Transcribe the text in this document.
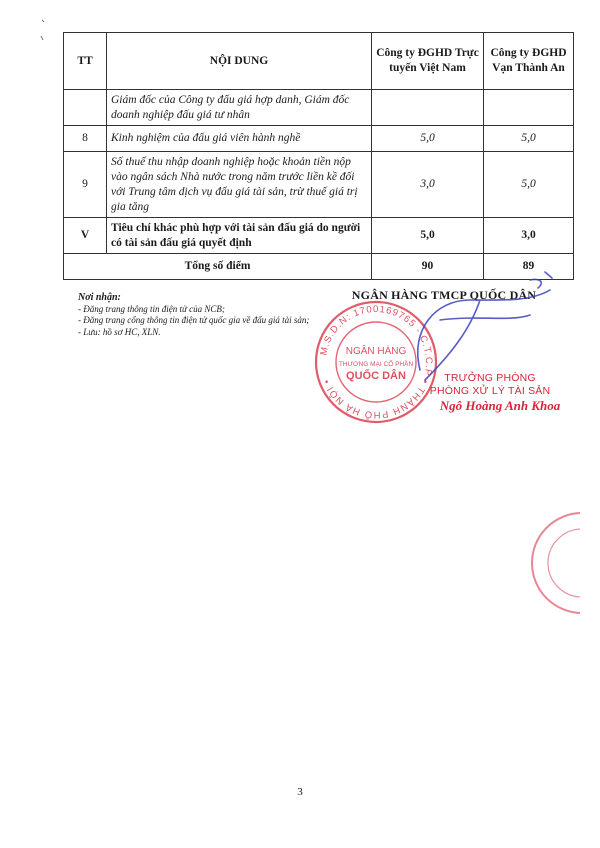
TT	NỘI DUNG	Công ty ĐGHD Trực tuyến Việt Nam	Công ty ĐGHD Vạn Thành An
	Giám đốc của Công ty đấu giá hợp danh, Giám đốc doanh nghiệp đấu giá tư nhân		
8	Kinh nghiệm của đấu giá viên hành nghề	5,0	5,0
9	Số thuế thu nhập doanh nghiệp hoặc khoản tiền nộp vào ngân sách Nhà nước trong năm trước liền kề đối với Trung tâm dịch vụ đấu giá tài sản, trừ thuế giá trị gia tăng	3,0	5,0
V	Tiêu chí khác phù hợp với tài sản đấu giá do người có tài sản đấu giá quyết định	5,0	3,0
Tổng số điểm		90	89
Nơi nhận:
- Đăng trang thông tin điện tử của NCB;
- Đăng trang cổng thông tin điện tử quốc gia về đấu giá tài sản;
- Lưu: hồ sơ HC, XLN.
NGÂN HÀNG TMCP QUỐC DÂN
M.S.D.N: 1700169765 - C.T.C.P • THÀNH PHỐ HÀ NỘI •
NGÂN HÀNG
THƯƠNG MẠI CỔ PHẦN
QUỐC DÂN	TRƯỞNG PHÒNG
PHÒNG XỬ LÝ TÀI SẢN
Ngô Hoàng Anh Khoa
3
